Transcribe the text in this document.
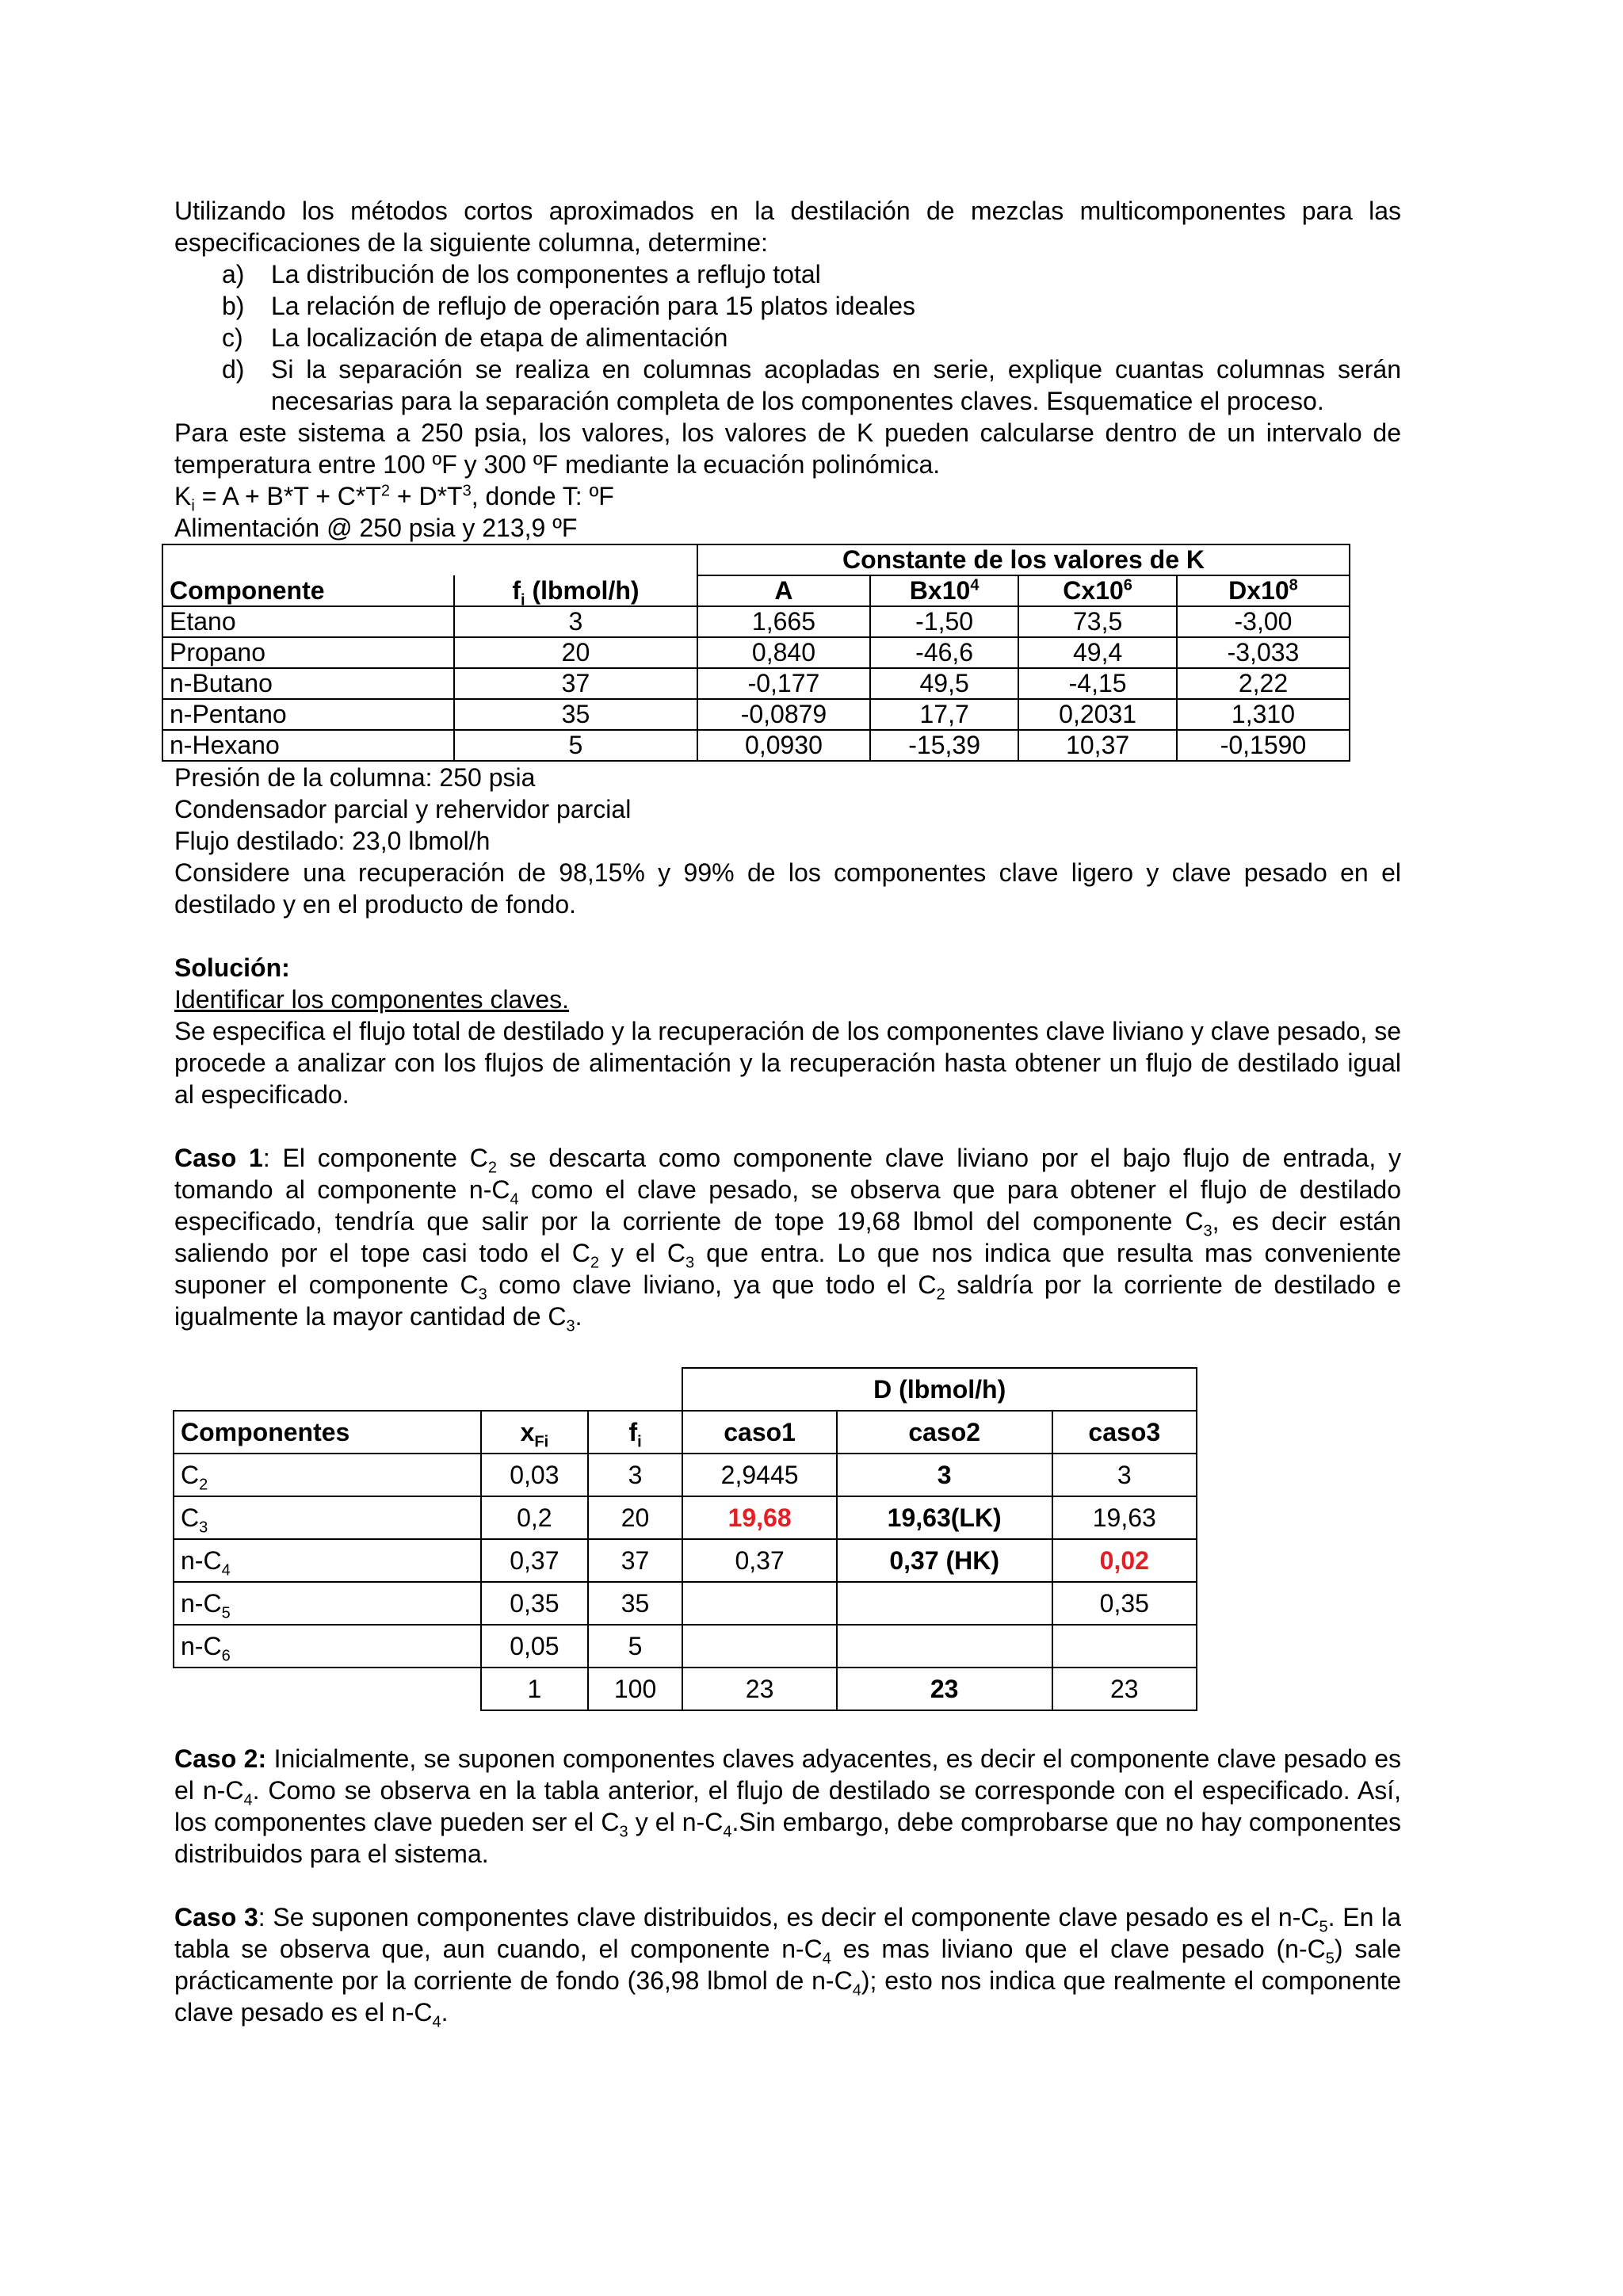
Utilizando los métodos cortos aproximados en la destilación de mezclas multicomponentes para las especificaciones de la siguiente columna, determine:

a)	La distribución de los componentes a reflujo total
b)	La relación de reflujo de operación para 15 platos ideales
c)	La localización de etapa de alimentación
d)	Si la separación se realiza en columnas acopladas en serie, explique cuantas columnas serán necesarias para la separación completa de los componentes claves. Esquematice el proceso.

Para este sistema a 250 psia, los valores, los valores de K pueden calcularse dentro de un intervalo de temperatura entre 100 ºF y 300 ºF mediante la ecuación polinómica.

$K_i = A + B*T + C*T^2 + D*T^3$, donde T: ºF

Alimentación @ 250 psia y 213,9 ºF

		Constante de los valores de K			
Componente	$f_i$ (lbmol/h)	A	$Bx10^4$	$Cx10^6$	$Dx10^8$
Etano	3	1,665	-1,50	73,5	-3,00
Propano	20	0,840	-46,6	49,4	-3,033
n-Butano	37	-0,177	49,5	-4,15	2,22
n-Pentano	35	-0,0879	17,7	0,2031	1,310
n-Hexano	5	0,0930	-15,39	10,37	-0,1590

Presión de la columna: 250 psia

Condensador parcial y rehervidor parcial

Flujo destilado: 23,0 lbmol/h

Considere una recuperación de 98,15% y 99% de los componentes clave ligero y clave pesado en el destilado y en el producto de fondo.

Solución:

Identificar los componentes claves.

Se especifica el flujo total de destilado y la recuperación de los componentes clave liviano y clave pesado, se procede a analizar con los flujos de alimentación y la recuperación hasta obtener un flujo de destilado igual al especificado.

Caso 1: El componente $C_2$ se descarta como componente clave liviano por el bajo flujo de entrada, y tomando al componente $n-C_4$ como el clave pesado, se observa que para obtener el flujo de destilado especificado, tendría que salir por la corriente de tope 19,68 lbmol del componente $C_3$, es decir están saliendo por el tope casi todo el $C_2$ y el $C_3$ que entra. Lo que nos indica que resulta mas conveniente suponer el componente $C_3$ como clave liviano, ya que todo el $C_2$ saldría por la corriente de destilado e igualmente la mayor cantidad de $C_3$.

			D (lbmol/h)		
Componentes	$x_{Fi}$	$f_i$	caso1	caso2	caso3
$C_2$	0,03	3	2,9445	3	3
$C_3$	0,2	20	19,68	19,63(LK)	19,63
$n-C_4$	0,37	37	0,37	0,37 (HK)	0,02
$n-C_5$	0,35	35			0,35
$n-C_6$	0,05	5			
	1	100	23	23	23

Caso 2: Inicialmente, se suponen componentes claves adyacentes, es decir el componente clave pesado es el $n-C_4$. Como se observa en la tabla anterior, el flujo de destilado se corresponde con el especificado. Así, los componentes clave pueden ser el $C_3$ y el $n-C_4.Sin$ embargo, debe comprobarse que no hay componentes distribuidos para el sistema.

Caso 3: Se suponen componentes clave distribuidos, es decir el componente clave pesado es el $n-C_5$. En la tabla se observa que, aun cuando, el componente $n-C_4$ es mas liviano que el clave pesado $(n-C_5)$ sale prácticamente por la corriente de fondo (36,98 lbmol de $n-C_4$); esto nos indica que realmente el componente clave pesado es el $n-C_4$.
